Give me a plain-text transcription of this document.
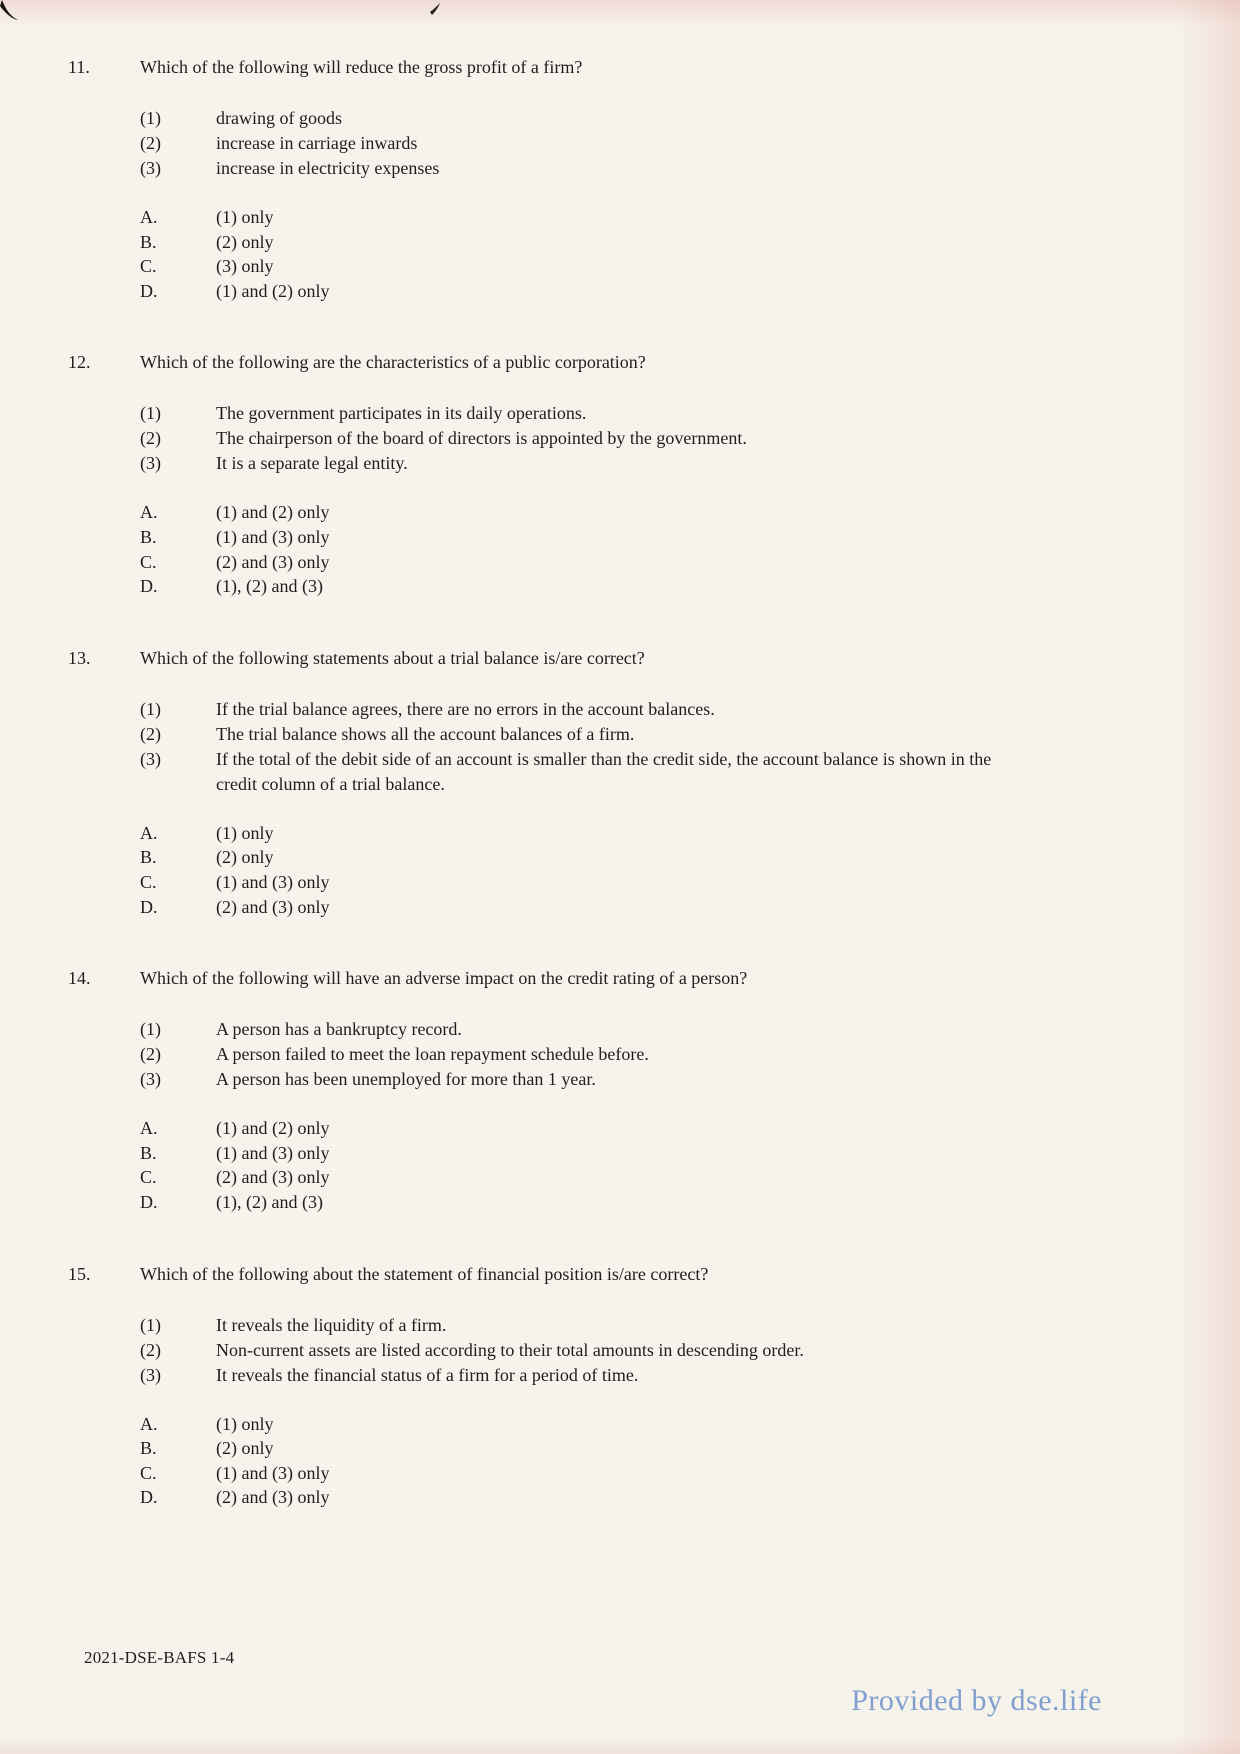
11.	Which of the following will reduce the gross profit of a firm?
(1)	drawing of goods
(2)	increase in carriage inwards
(3)	increase in electricity expenses
A.	(1) only
B.	(2) only
C.	(3) only
D.	(1) and (2) only
12.	Which of the following are the characteristics of a public corporation?
(1)	The government participates in its daily operations.
(2)	The chairperson of the board of directors is appointed by the government.
(3)	It is a separate legal entity.
A.	(1) and (2) only
B.	(1) and (3) only
C.	(2) and (3) only
D.	(1), (2) and (3)
13.	Which of the following statements about a trial balance is/are correct?
(1)	If the trial balance agrees, there are no errors in the account balances.
(2)	The trial balance shows all the account balances of a firm.
(3)	If the total of the debit side of an account is smaller than the credit side, the account balance is shown in the credit column of a trial balance.
A.	(1) only
B.	(2) only
C.	(1) and (3) only
D.	(2) and (3) only
14.	Which of the following will have an adverse impact on the credit rating of a person?
(1)	A person has a bankruptcy record.
(2)	A person failed to meet the loan repayment schedule before.
(3)	A person has been unemployed for more than 1 year.
A.	(1) and (2) only
B.	(1) and (3) only
C.	(2) and (3) only
D.	(1), (2) and (3)
15.	Which of the following about the statement of financial position is/are correct?
(1)	It reveals the liquidity of a firm.
(2)	Non-current assets are listed according to their total amounts in descending order.
(3)	It reveals the financial status of a firm for a period of time.
A.	(1) only
B.	(2) only
C.	(1) and (3) only
D.	(2) and (3) only
2021-DSE-BAFS 1-4
Provided by dse.life
